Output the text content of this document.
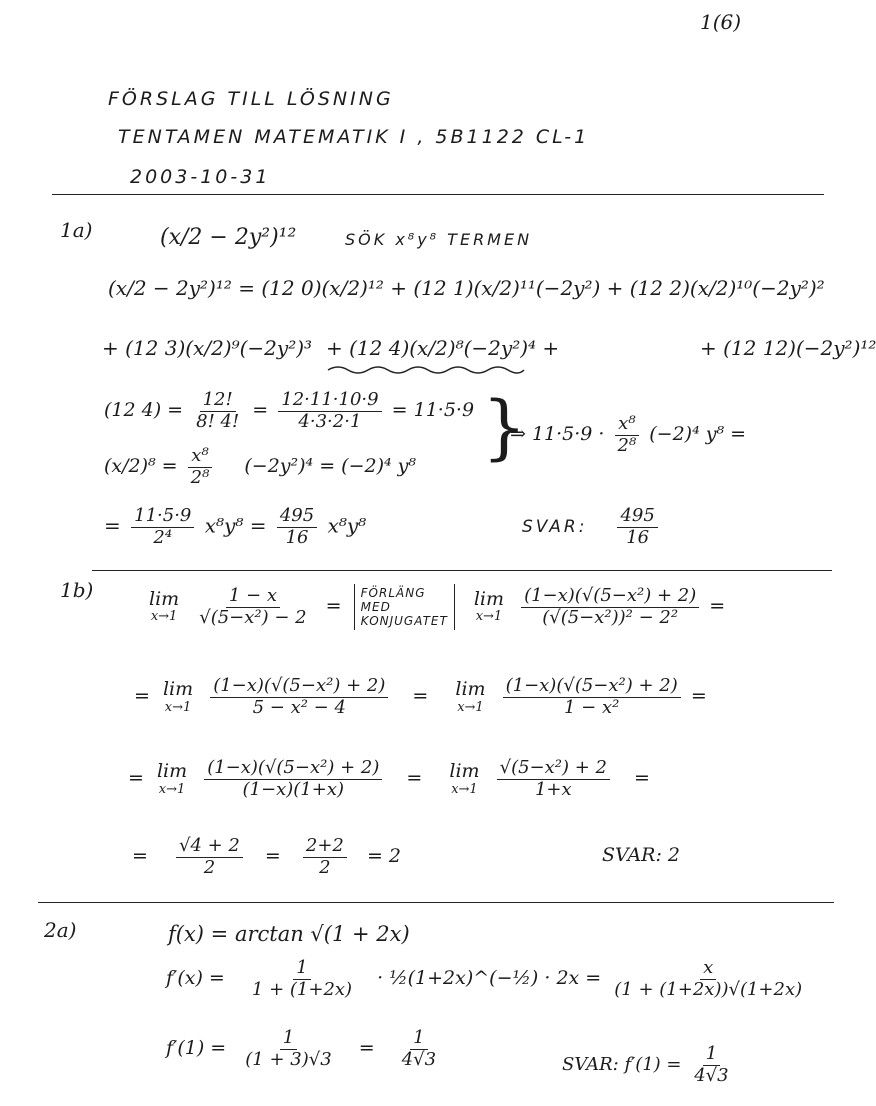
1(6)
FÖRSLAG TILL LÖSNING
TENTAMEN MATEMATIK I , 5B1122 CL-1
2003-10-31
1a)	(x/2 − 2y²)¹²	SÖK x⁸y⁸ TERMEN
(x/2 − 2y²)¹² = (12 0)(x/2)¹² + (12 1)(x/2)¹¹(−2y²) + (12 2)(x/2)¹⁰(−2y²)²
+ (12 3)(x/2)⁹(−2y²)³ + (12 4)(x/2)⁸(−2y²)⁴ +	+ (12 12)(−2y²)¹²
(12 $4) = \frac{12!}{8! 4!} = \frac{12\cdot 11\cdot 10\cdot 9}{4\cdot 3\cdot 2\cdot 1} = 11\cdot 5\cdot 9$
$(x/2)^8 = \frac{\text{x⁸}}{\text{2⁸}} (-2y^2)^4 = (-2)^4$ y⁸ }
⇒ $11\cdot 5\cdot 9 \cdot \frac{\text{x⁸}}{\text{2⁸}} (-2)^4$ y⁸ =
= $\frac{11\cdot 5\cdot 9}{\text{2⁴}} x^8y^8 = \frac{495}{16} x^8y^8$	SVAR: $\frac{495}{16}$
1b)	lim
x→1
$\frac{1 - x}{\text{√(5−x²) − 2}}$ = FÖRLÄNG
MED
KONJUGATET
lim
x→1
$\frac{\text{(1−x)(√(5−x²) + 2)}}{\text{(√(5−x²))² − 2²}}$ =
= lim
x→1
$\frac{\text{(1−x)(√(5−x²) + 2)}}{\text{5 − x² − 4}} = \lim$
x→1
$\frac{\text{(1−x)(√(5−x²) + 2)}}{\text{1 − x²}}$ =
= lim
x→1
$\frac{\text{(1−x)(√(5−x²) + 2)}}{(1-x)(1+x)} = \lim$
x→1
$\frac{\text{√(5−x²) + 2}}{1+x}$ =
= $\frac{√4 + 2}{2} = \frac{2+2}{2} = 2$	SVAR: 2
2a)	f(x) = arctan √(1 + 2x)
$f'(x) = \frac{1}{1 + (1+2x)}$ · ½(1+2x)^(−½) · $2x = \frac{x}{(1 + (1+2x))√(1+2x)}$
$f'(1) = \frac{1}{(1 + 3)√3} = \frac{1}{4√3}$	SVAR: $f'(1) = \frac{1}{4√3}$
